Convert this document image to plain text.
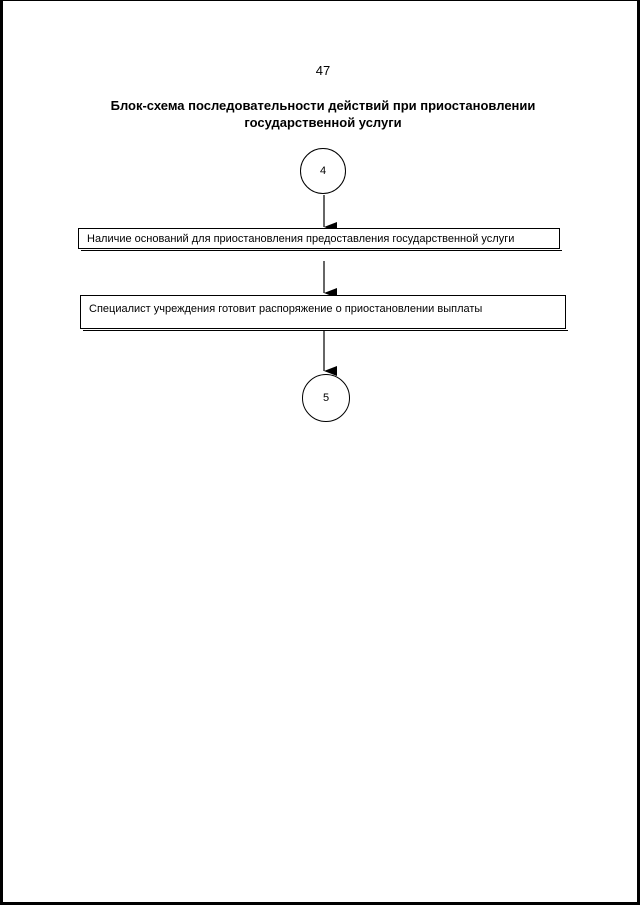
47
Блок-схема последовательности действий при приостановлении
государственной услуги
4
Наличие оснований для приостановления предоставления государственной услуги
Специалист учреждения готовит распоряжение о приостановлении выплаты
5
